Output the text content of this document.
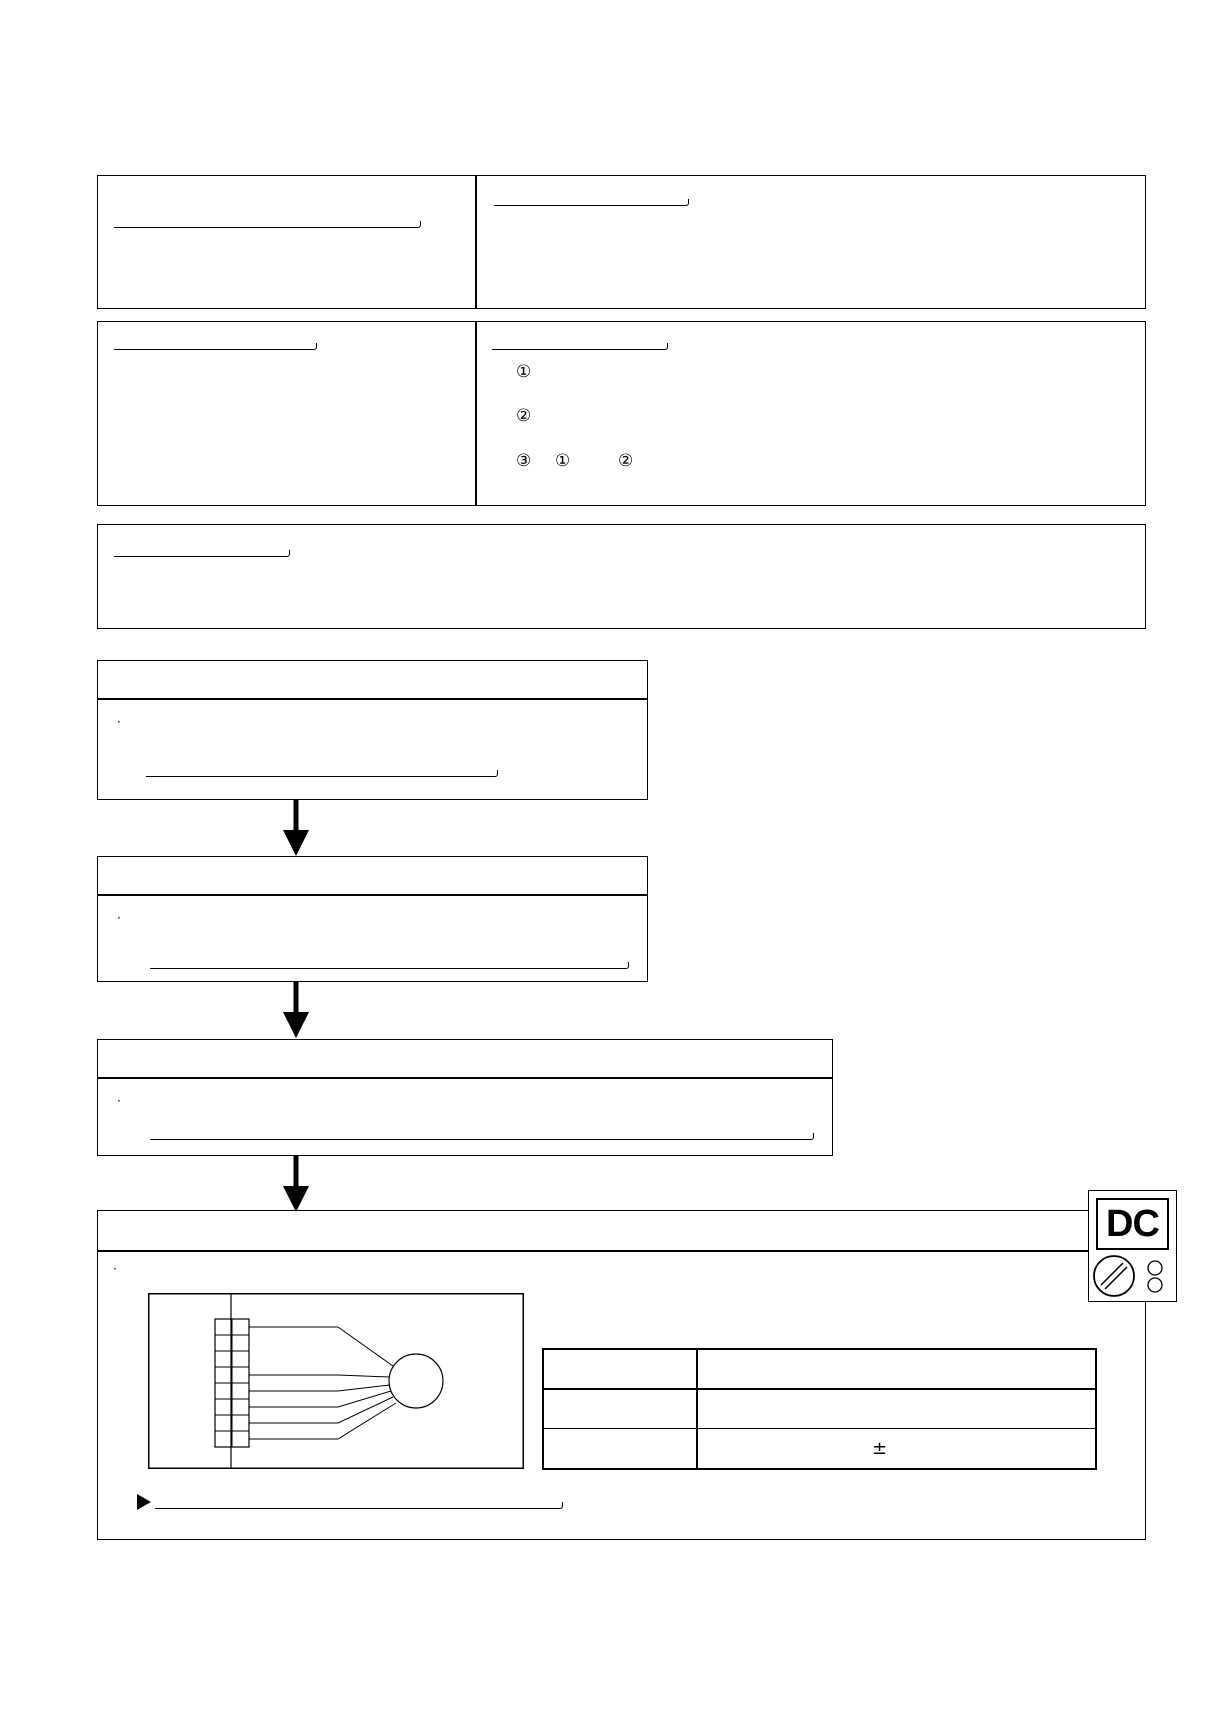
①
②
③ ①	②
·
·
·
·
±
DC
